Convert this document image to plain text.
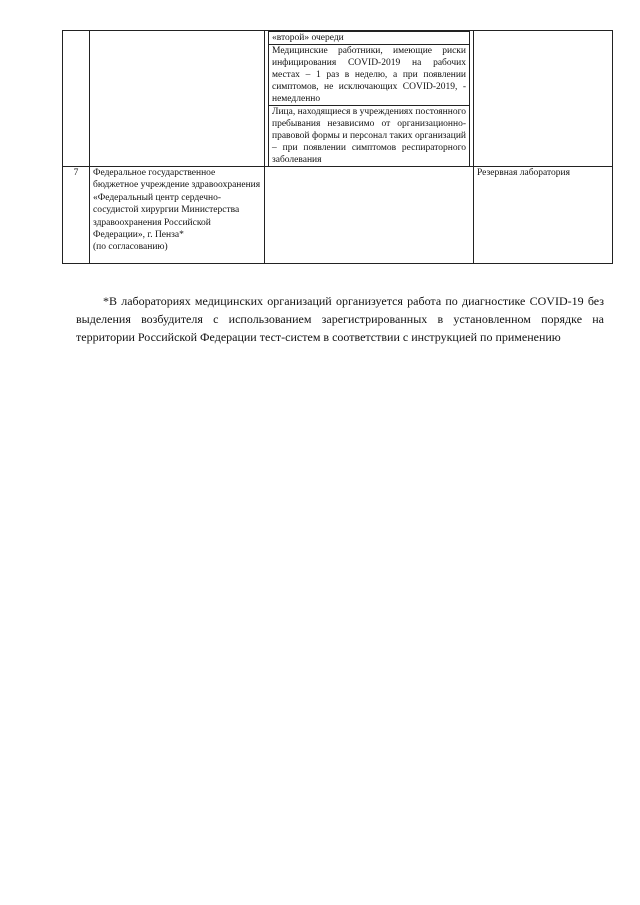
«второй» очереди
Медицинские работники, имеющие риски инфицирования COVID-2019 на рабочих местах – 1 раз в неделю, а при появлении симптомов, не исключающих COVID-2019, - немедленно
Лица, находящиеся в учреждениях постоянного пребывания независимо от организационно-правовой формы и персонал таких организаций – при появлении симптомов респираторного заболевания

7	Федеральное государственное бюджетное учреждение здравоохранения «Федеральный центр сердечно-сосудистой хирургии Министерства здравоохранения Российской Федерации», г. Пенза*
(по согласованию)		Резервная лаборатория

*В лабораториях медицинских организаций организуется работа по диагностике COVID-19 без выделения возбудителя с использованием зарегистрированных в установленном порядке на территории Российской Федерации тест-систем в соответствии с инструкцией по применению
